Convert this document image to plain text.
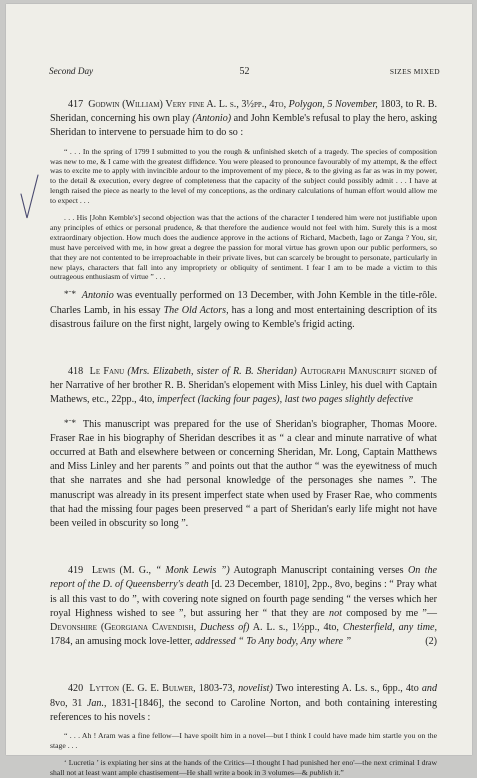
Second Day	52	SIZES MIXED

417 Godwin (William) Very fine A. L. s., 3½pp., 4to, Polygon, 5 November, 1803, to R. B. Sheridan, concerning his own play (Antonio) and John Kemble's refusal to play the hero, asking Sheridan to intervene to persuade him to do so :

“ . . . In the spring of 1799 I submitted to you the rough & unfinished sketch of a tragedy. The species of composition was new to me, & I came with the greatest diffidence. You were pleased to pronounce favourably of my attempt, & the effect was to excite me to apply with invincible ardour to the improvement of my piece, & to the giving as far as was in my power, to the detail & execution, every degree of completeness that the capacity of the subject could possibly admit . . . I have at length raised the piece as nearly to the level of my conceptions, as the ordinary calculations of human effort would allow me to expect . . .

. . . His [John Kemble's] second objection was that the actions of the character I tendered him were not justifiable upon any principles of ethics or personal prudence, & that therefore the audience would not feel with him. Surely this is a most extraordinary objection. How much does the audience approve in the actions of Richard, Macbeth, Iago or Zanga ? You, sir, must have perceived with me, in how great a degree the passion for moral virtue has grown upon our public performers, so that they are not contented to be irreproachable in their private lives, but can scarcely be brought to personate, particularly in new plays, characters that fall into any impropriety or obliquity of sentiment. I fear I am to be made a victim to this outrageous enthusiasm of virtue ” . . .

*¨* Antonio was eventually performed on 13 December, with John Kemble in the title-rôle. Charles Lamb, in his essay The Old Actors, has a long and most entertaining description of its disastrous failure on the first night, largely owing to Kemble's frigid acting.

418 Le Fanu (Mrs. Elizabeth, sister of R. B. Sheridan) Autograph Manuscript signed of her Narrative of her brother R. B. Sheridan's elopement with Miss Linley, his duel with Captain Mathews, etc., 22pp., 4to, imperfect (lacking four pages), last two pages slightly defective

*¨* This manuscript was prepared for the use of Sheridan's biographer, Thomas Moore. Fraser Rae in his biography of Sheridan describes it as “ a clear and minute narrative of what occurred at Bath and elsewhere between or concerning Sheridan, Mr. Long, Captain Matthews and Miss Linley and her parents ” and points out that the author “ was the eyewitness of much that she narrates and she had personal knowledge of the personages she names ”. The manuscript was already in its present imperfect state when used by Fraser Rae, who comments that had the missing four pages been preserved “ a part of Sheridan's early life might not have been veiled in obscurity so long ”.

419 Lewis (M. G., “ Monk Lewis ”) Autograph Manuscript containing verses On the report of the D. of Queensberry's death [d. 23 December, 1810], 2pp., 8vo, begins : “ Pray what is all this vast to do ”, with covering note signed on fourth page sending “ the verses which her royal Highness wished to see ”, but assuring her “ that they are not composed by me ”—Devonshire (Georgiana Cavendish, Duchess of) A. L. s., 1½pp., 4to, Chesterfield, any time, 1784, an amusing mock love-letter, addressed “ To Any body, Any where ”	(2)

420 Lytton (E. G. E. Bulwer, 1803-73, novelist) Two interesting A. Ls. s., 6pp., 4to and 8vo, 31 Jan., 1831-[1846], the second to Caroline Norton, and both containing interesting references to his novels :

“ . . . Ah ! Aram was a fine fellow—I have spoilt him in a novel—but I think I could have made him startle you on the stage . . .

‘ Lucretia ’ is expiating her sins at the hands of the Critics—I thought I had punished her eno'—the next criminal I draw shall not at least want ample chastisement—He shall write a book in 3 volumes—& publish it.”
